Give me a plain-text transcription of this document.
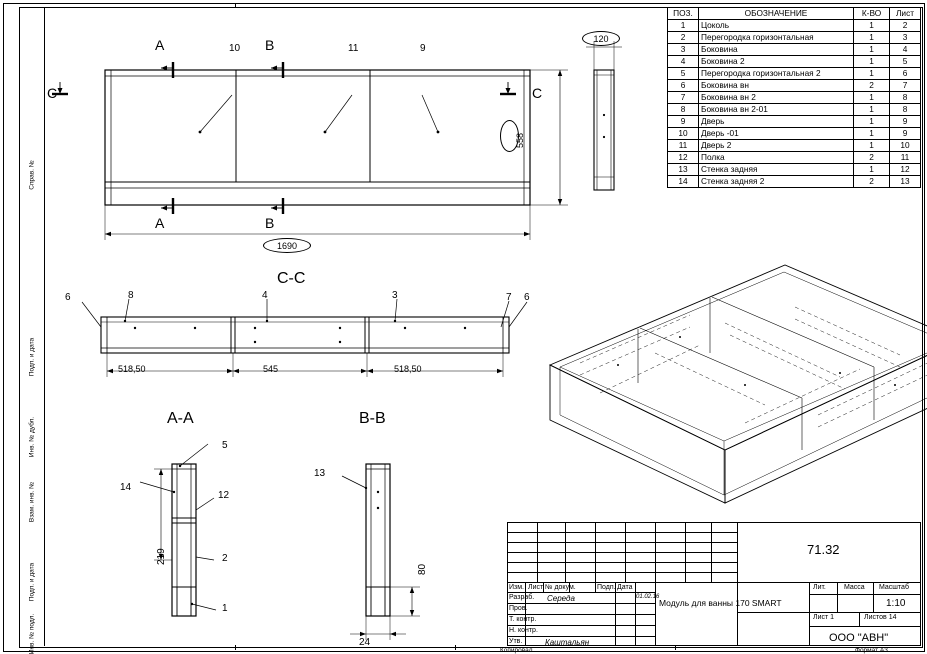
Справ. №
Подп. и дата
Инв. № дубл.
Взам. инв. №
Подп. и дата
Инв. № подл.
ПОЗ.	ОБОЗНАЧЕНИЕ	К-ВО	Лист
1	Цоколь	1	2
2	Перегородка горизонтальная	1	3
3	Боковина	1	4
4	Боковина 2	1	5
5	Перегородка горизонтальная 2	1	6
6	Боковина вн	2	7
7	Боковина вн 2	1	8
8	Боковина вн 2-01	1	8
9	Дверь	1	9
10	Дверь -01	1	9
11	Дверь 2	1	10
12	Полка	2	11
13	Стенка задняя	1	12
14	Стенка задняя 2	2	13
10	11	9
A	B
C	C
A	B
558
1690
120
C-C
6	8	4	3	7 6
518,50	545	518,50
A-A
5
14
12
2
1
219
B-B
13
80
24
71.32
Изм. Лист № докум.	Подп. Дата
Разраб. Середа	01.02.16
Пров.
Т. контр.
Н. контр.
Утв.	Каштальян
Модуль для ванны 170 SMART
Лит.	Масса Масштаб
1:10
Лист 1	Листов 14
ООО "АВН"
Формат A3
Копировал
